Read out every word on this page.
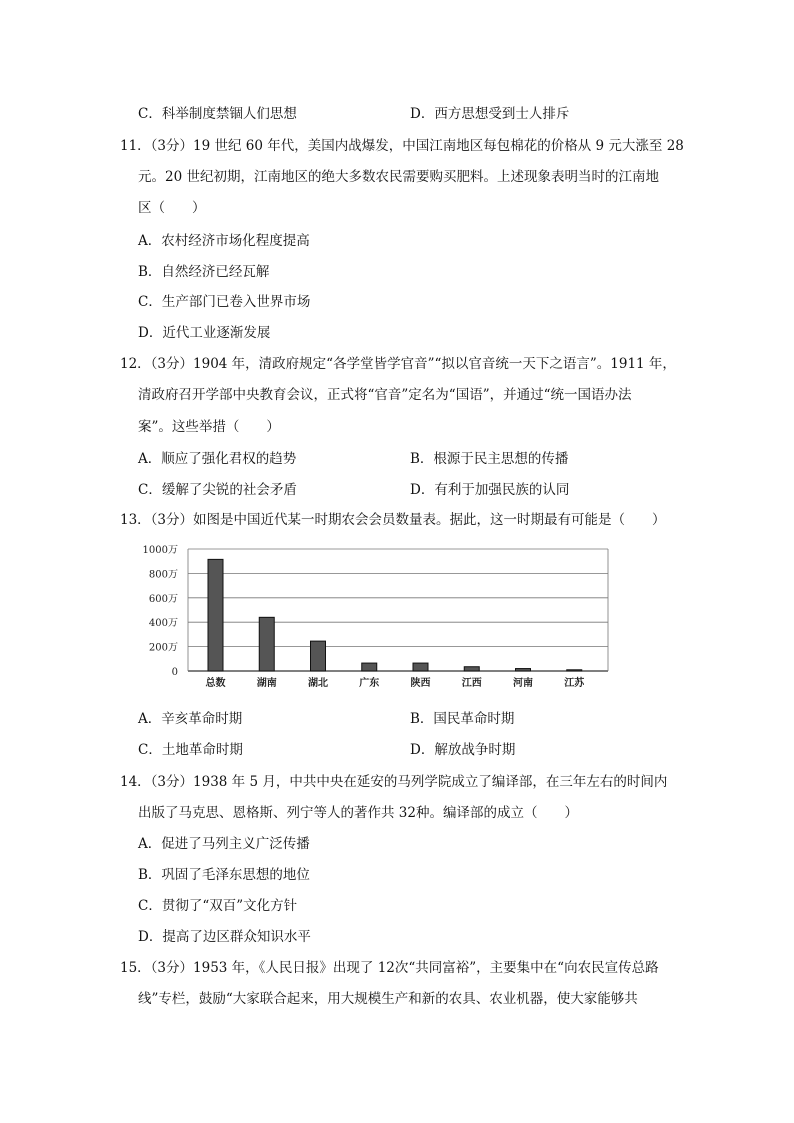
C．科举制度禁锢人们思想	D．西方思想受到士人排斥
11．（3分）19 世纪 60 年代，美国内战爆发，中国江南地区每包棉花的价格从 9 元大涨至 28
元。20 世纪初期，江南地区的绝大多数农民需要购买肥料。上述现象表明当时的江南地
区（　　）
A．农村经济市场化程度提高
B．自然经济已经瓦解
C．生产部门已卷入世界市场
D．近代工业逐渐发展
12．（3分）1904 年，清政府规定“各学堂皆学官音”“拟以官音统一天下之语言”。1911 年，
清政府召开学部中央教育会议，正式将“官音”定名为“国语”，并通过“统一国语办法
案”。这些举措（　　）
A．顺应了强化君权的趋势	B．根源于民主思想的传播
C．缓解了尖锐的社会矛盾	D．有利于加强民族的认同
13．（3分）如图是中国近代某一时期农会会员数量表。据此，这一时期最有可能是（　　）
0
200万
400万
600万
800万
1000万
总数	湖南	湖北	广东	陕西	江西	河南	江苏
A．辛亥革命时期	B．国民革命时期
C．土地革命时期	D．解放战争时期
14．（3分）1938 年 5 月，中共中央在延安的马列学院成立了编译部，在三年左右的时间内
出版了马克思、恩格斯、列宁等人的著作共 32种。编译部的成立（　　）
A．促进了马列主义广泛传播
B．巩固了毛泽东思想的地位
C．贯彻了“双百”文化方针
D．提高了边区群众知识水平
15．（3分）1953 年，《人民日报》出现了 12次“共同富裕”，主要集中在“向农民宣传总路
线”专栏，鼓励“大家联合起来，用大规模生产和新的农具、农业机器，使大家能够共
